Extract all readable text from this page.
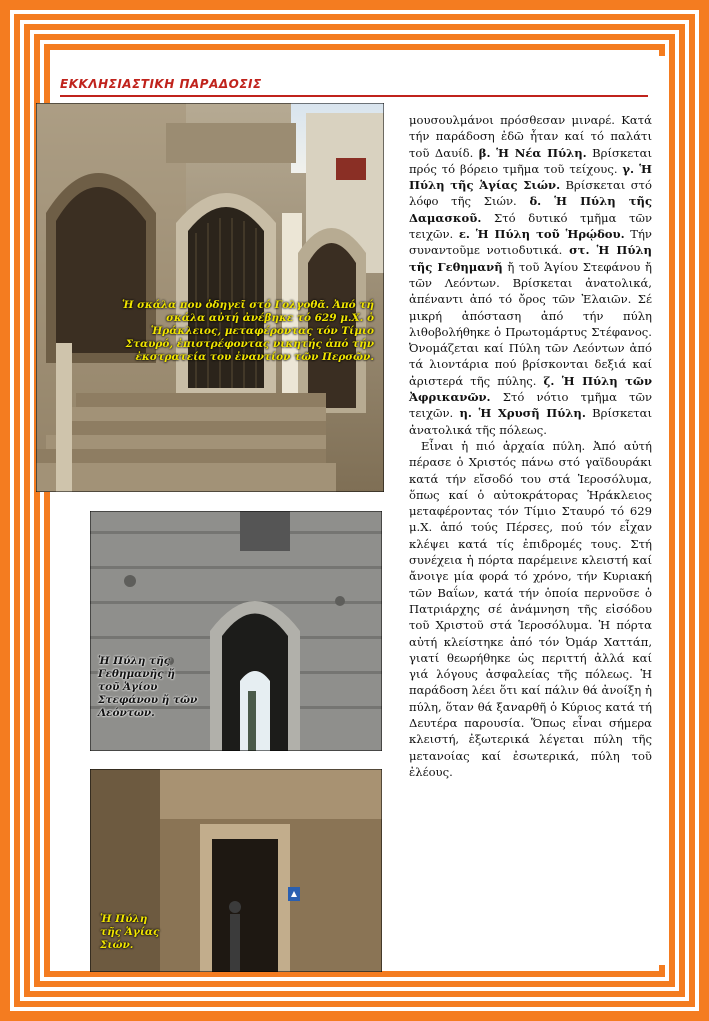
ΕΚΚΛΗΣΙΑΣΤΙΚΗ ΠΑΡΑΔΟΣΙΣ
Ἡ σκάλα που ὁδηγεῖ στό Γολγοθᾶ. Ἀπό τή σκάλα αὐτή ἀνέβηκε τό 629 μ.Χ. ὁ Ἡράκλειος, μεταφέροντας τόν Τίμιο Σταυρό, ἐπιστρέφοντας νικητής ἀπό τήν ἐκστρατεία του ἐναντίον τῶν Περσῶν.
Ἡ Πύλη τῆς Γεθημανῆς ἤ τοῦ Ἁγίου Στεφάνου ἤ τῶν Λεόντων.
Ἡ Πύλη τῆς Ἁγίας Σιών.

μουσουλμάνοι πρόσθεσαν μιναρέ. Κατά τήν παράδοση ἐδῶ ἦταν καί τό παλάτι τοῦ Δαυίδ. β. Ἡ Νέα Πύλη. Βρίσκεται πρός τό βόρειο τμῆμα τοῦ τείχους. γ. Ἡ Πύλη τῆς Ἁγίας Σιών. Βρίσκεται στό λόφο τῆς Σιών. δ. Ἡ Πύλη τῆς Δαμασκοῦ. Στό δυτικό τμῆμα τῶν τειχῶν. ε. Ἡ Πύλη τοῦ Ἡρῴδου. Τήν συναντοῦμε νοτιοδυτικά. στ. Ἡ Πύλη τῆς Γεθημανῆ ἤ τοῦ Ἁγίου Στεφάνου ἤ τῶν Λεόντων. Βρίσκεται ἀνατολικά, ἀπέναντι ἀπό τό ὄρος τῶν Ἐλαιῶν. Σέ μικρή ἀπόσταση ἀπό τήν πύλη λιθοβολήθηκε ὁ Πρωτομάρτυς Στέφανος. Ὀνομάζεται καί Πύλη τῶν Λεόντων ἀπό τά λιοντάρια πού βρίσκονται δεξιά καί ἀριστερά τῆς πύλης. ζ. Ἡ Πύλη τῶν Ἀφρικανῶν. Στό νότιο τμῆμα τῶν τειχῶν. η. Ἡ Χρυσῆ Πύλη. Βρίσκεται ἀνατολικά τῆς πόλεως.

Εἶναι ἡ πιό ἀρχαία πύλη. Ἀπό αὐτή πέρασε ὁ Χριστός πάνω στό γαϊδουράκι κατά τήν εἴσοδό του στά Ἱεροσόλυμα, ὅπως καί ὁ αὐτοκράτορας Ἡράκλειος μεταφέροντας τόν Τίμιο Σταυρό τό 629 μ.Χ. ἀπό τούς Πέρσες, πού τόν εἶχαν κλέψει κατά τίς ἐπιδρομές τους. Στή συνέχεια ἡ πόρτα παρέμεινε κλειστή καί ἄνοιγε μία φορά τό χρόνο, τήν Κυριακή τῶν Βαΐων, κατά τήν ὁποία περνοῦσε ὁ Πατριάρχης σέ ἀνάμνηση τῆς εἰσόδου τοῦ Χριστοῦ στά Ἱεροσόλυμα. Ἡ πόρτα αὐτή κλείστηκε ἀπό τόν Ὀμάρ Χαττάπ, γιατί θεωρήθηκε ὡς περιττή ἀλλά καί γιά λόγους ἀσφαλείας τῆς πόλεως. Ἡ παράδοση λέει ὅτι καί πάλιν θά ἀνοίξη ἡ πύλη, ὅταν θά ξαναρθῆ ὁ Κύριος κατά τή Δευτέρα παρουσία. Ὅπως εἶναι σήμερα κλειστή, ἐξωτερικά λέγεται πύλη τῆς μετανοίας καί ἐσωτερικά, πύλη τοῦ ἐλέους.
